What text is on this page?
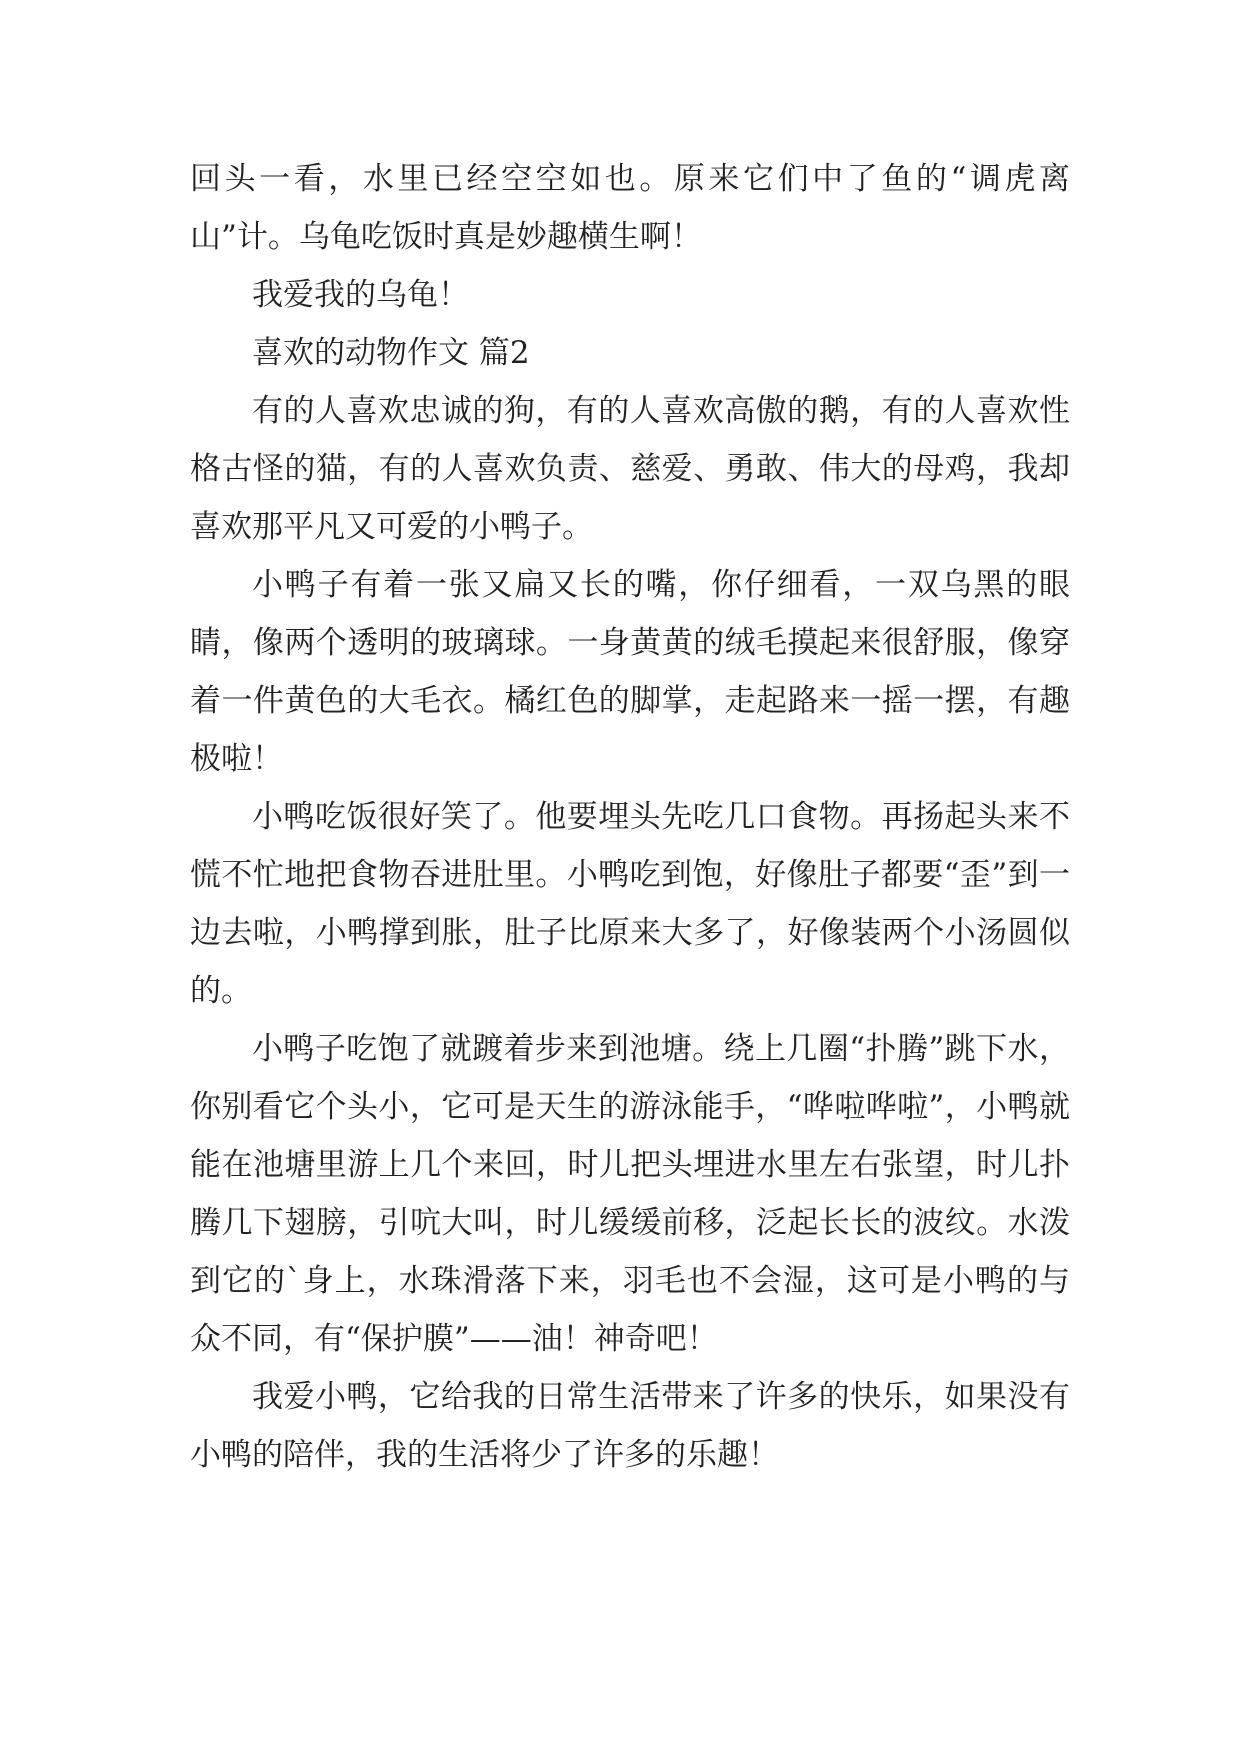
回头一看，水里已经空空如也。原来它们中了鱼的“调虎离山”计。乌龟吃饭时真是妙趣横生啊！

我爱我的乌龟！

喜欢的动物作文 篇2

有的人喜欢忠诚的狗，有的人喜欢高傲的鹅，有的人喜欢性格古怪的猫，有的人喜欢负责、慈爱、勇敢、伟大的母鸡，我却喜欢那平凡又可爱的小鸭子。

小鸭子有着一张又扁又长的嘴，你仔细看，一双乌黑的眼睛，像两个透明的玻璃球。一身黄黄的绒毛摸起来很舒服，像穿着一件黄色的大毛衣。橘红色的脚掌，走起路来一摇一摆，有趣极啦！

小鸭吃饭很好笑了。他要埋头先吃几口食物。再扬起头来不慌不忙地把食物吞进肚里。小鸭吃到饱，好像肚子都要“歪”到一边去啦，小鸭撑到胀，肚子比原来大多了，好像装两个小汤圆似的。

小鸭子吃饱了就踱着步来到池塘。绕上几圈“扑腾”跳下水，你别看它个头小，它可是天生的游泳能手，“哗啦哗啦”，小鸭就能在池塘里游上几个来回，时儿把头埋进水里左右张望，时儿扑腾几下翅膀，引吭大叫，时儿缓缓前移，泛起长长的波纹。水泼到它的`身上，水珠滑落下来，羽毛也不会湿，这可是小鸭的与众不同，有“保护膜”——油！神奇吧！

我爱小鸭，它给我的日常生活带来了许多的快乐，如果没有小鸭的陪伴，我的生活将少了许多的乐趣！
